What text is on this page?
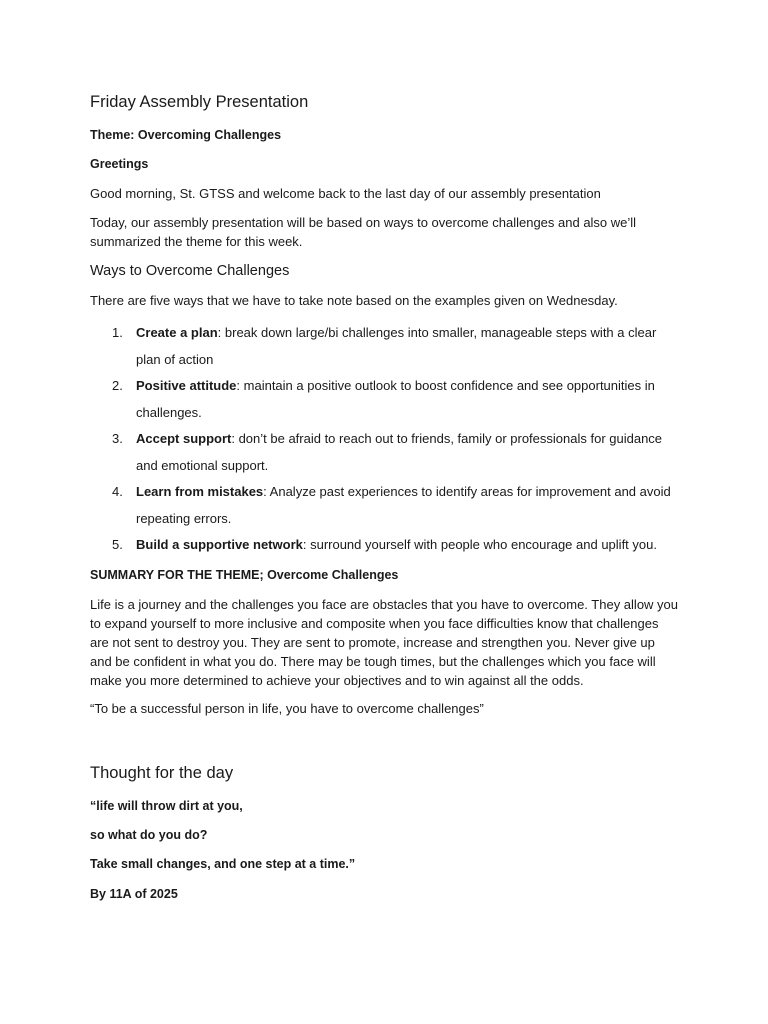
Friday Assembly Presentation

Theme: Overcoming Challenges

Greetings

Good morning, St. GTSS and welcome back to the last day of our assembly presentation

Today, our assembly presentation will be based on ways to overcome challenges and also we’ll summarized the theme for this week.

Ways to Overcome Challenges

There are five ways that we have to take note based on the examples given on Wednesday.

1. Create a plan: break down large/bi challenges into smaller, manageable steps with a clear plan of action
2. Positive attitude: maintain a positive outlook to boost confidence and see opportunities in challenges.
3. Accept support: don’t be afraid to reach out to friends, family or professionals for guidance and emotional support.
4. Learn from mistakes: Analyze past experiences to identify areas for improvement and avoid repeating errors.
5. Build a supportive network: surround yourself with people who encourage and uplift you.

SUMMARY FOR THE THEME; Overcome Challenges

Life is a journey and the challenges you face are obstacles that you have to overcome. They allow you to expand yourself to more inclusive and composite when you face difficulties know that challenges are not sent to destroy you. They are sent to promote, increase and strengthen you. Never give up and be confident in what you do. There may be tough times, but the challenges which you face will make you more determined to achieve your objectives and to win against all the odds.

“To be a successful person in life, you have to overcome challenges”

Thought for the day

“life will throw dirt at you,

so what do you do?

Take small changes, and one step at a time.”

By 11A of 2025
